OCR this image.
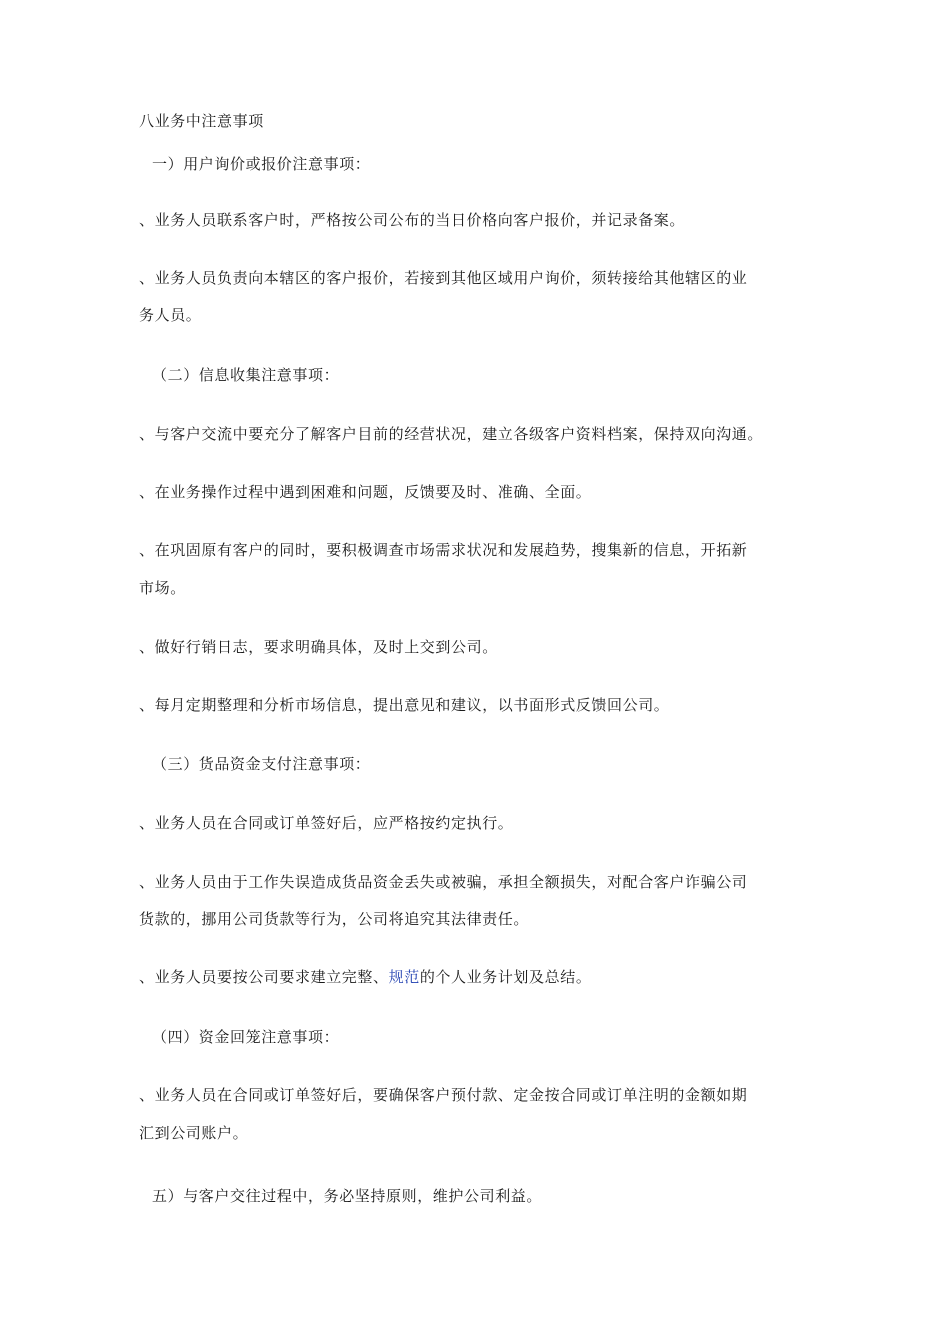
八业务中注意事项
一）用户询价或报价注意事项：
、业务人员联系客户时，严格按公司公布的当日价格向客户报价，并记录备案。
、业务人员负责向本辖区的客户报价，若接到其他区域用户询价，须转接给其他辖区的业
务人员。
（二）信息收集注意事项：
、与客户交流中要充分了解客户目前的经营状况，建立各级客户资料档案，保持双向沟通。
、在业务操作过程中遇到困难和问题，反馈要及时、准确、全面。
、在巩固原有客户的同时，要积极调查市场需求状况和发展趋势，搜集新的信息，开拓新
市场。
、做好行销日志，要求明确具体，及时上交到公司。
、每月定期整理和分析市场信息，提出意见和建议，以书面形式反馈回公司。
（三）货品资金支付注意事项：
、业务人员在合同或订单签好后，应严格按约定执行。
、业务人员由于工作失误造成货品资金丢失或被骗，承担全额损失，对配合客户诈骗公司
货款的，挪用公司货款等行为，公司将追究其法律责任。
、业务人员要按公司要求建立完整、规范的个人业务计划及总结。
（四）资金回笼注意事项：
、业务人员在合同或订单签好后，要确保客户预付款、定金按合同或订单注明的金额如期
汇到公司账户。
五）与客户交往过程中，务必坚持原则，维护公司利益。
